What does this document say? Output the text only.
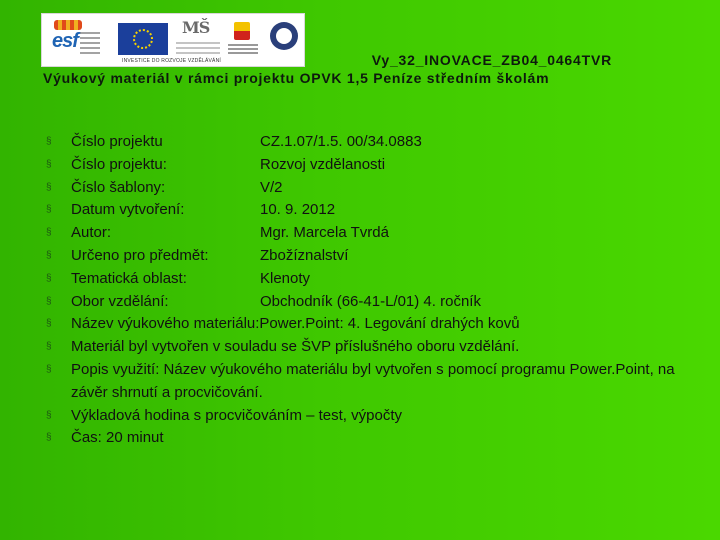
esf
MŠ

INVESTICE DO ROZVOJE VZDĚLÁVÁNÍ	Vy_32_INOVACE_ZB04_0464TVR
Výukový materiál v rámci projektu OPVK 1,5 Peníze středním školám
§ Číslo projektu	CZ.1.07/1.5. 00/34.0883
§ Číslo projektu:	Rozvoj vzdělanosti
§ Číslo šablony:	V/2
§ Datum vytvoření:	10. 9. 2012
§ Autor:	Mgr. Marcela Tvrdá
§ Určeno pro předmět:	Zbožíznalství
§ Tematická oblast:	Klenoty
§ Obor vzdělání:	Obchodník (66-41-L/01) 4. ročník
§ Název výukového materiálu:Power.Point: 4. Legování drahých kovů
§ Materiál byl vytvořen v souladu se ŠVP příslušného oboru vzdělání.
§ Popis využití: Název výukového materiálu byl vytvořen s pomocí programu Power.Point, na závěr shrnutí a procvičování.
§ Výkladová hodina s procvičováním – test, výpočty
§ Čas: 20 minut
